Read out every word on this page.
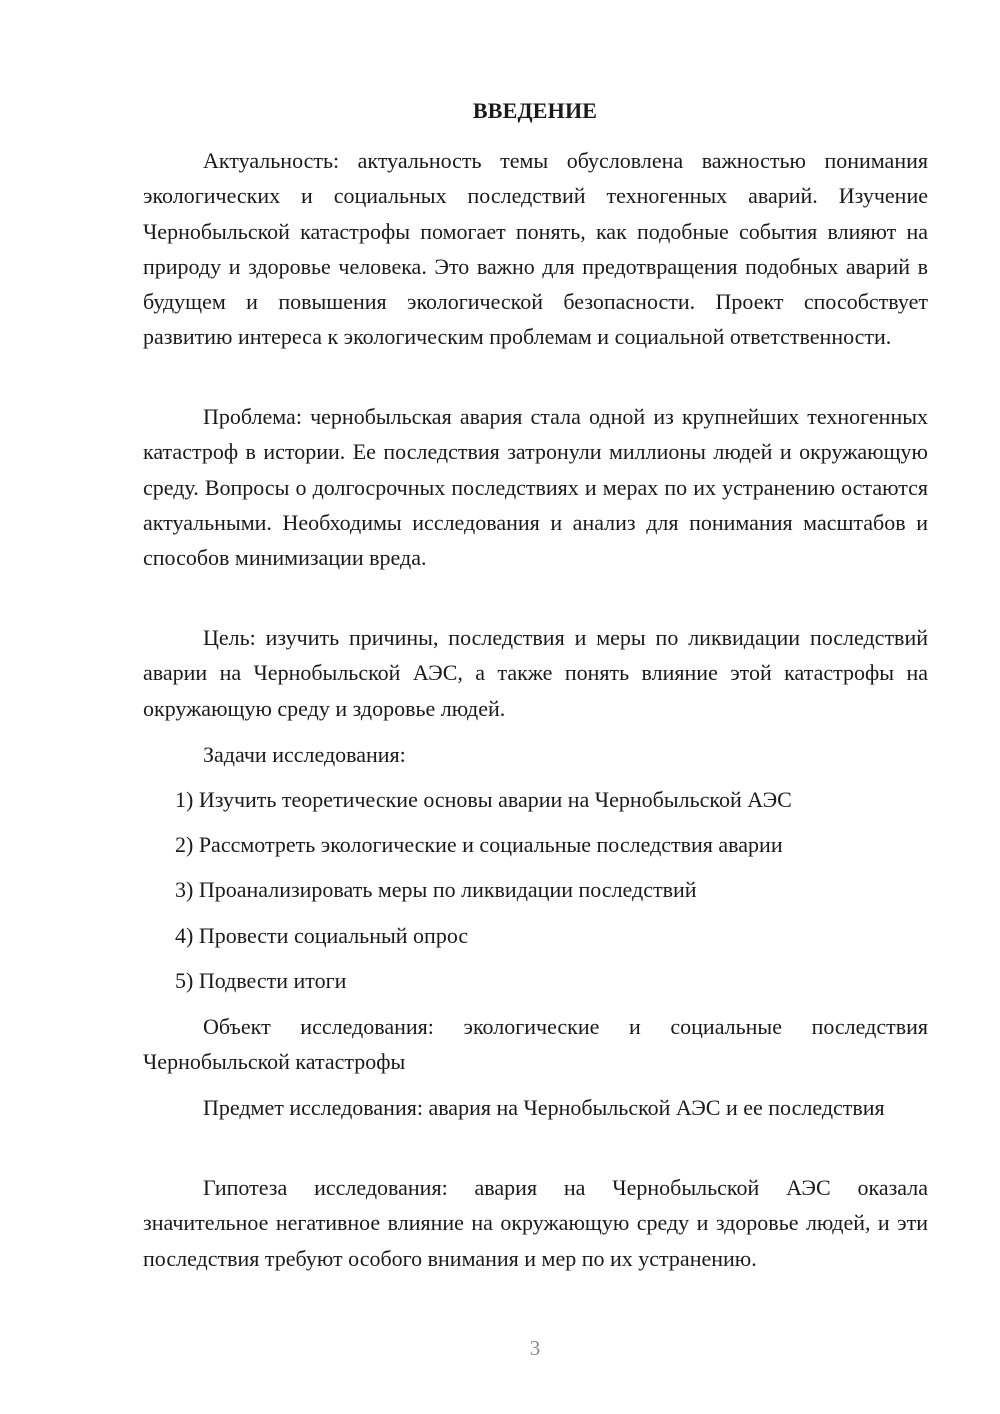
ВВЕДЕНИЕ

Актуальность: актуальность темы обусловлена важностью понимания экологических и социальных последствий техногенных аварий. Изучение Чернобыльской катастрофы помогает понять, как подобные события влияют на природу и здоровье человека. Это важно для предотвращения подобных аварий в будущем и повышения экологической безопасности. Проект способствует развитию интереса к экологическим проблемам и социальной ответственности.

Проблема: чернобыльская авария стала одной из крупнейших техногенных катастроф в истории. Ее последствия затронули миллионы людей и окружающую среду. Вопросы о долгосрочных последствиях и мерах по их устранению остаются актуальными. Необходимы исследования и анализ для понимания масштабов и способов минимизации вреда.

Цель: изучить причины, последствия и меры по ликвидации последствий аварии на Чернобыльской АЭС, а также понять влияние этой катастрофы на окружающую среду и здоровье людей.

Задачи исследования:

1) Изучить теоретические основы аварии на Чернобыльской АЭС

2) Рассмотреть экологические и социальные последствия аварии

3) Проанализировать меры по ликвидации последствий

4) Провести социальный опрос

5) Подвести итоги

Объект исследования: экологические и социальные последствия Чернобыльской катастрофы

Предмет исследования: авария на Чернобыльской АЭС и ее последствия

Гипотеза исследования: авария на Чернобыльской АЭС оказала значительное негативное влияние на окружающую среду и здоровье людей, и эти последствия требуют особого внимания и мер по их устранению.

3
